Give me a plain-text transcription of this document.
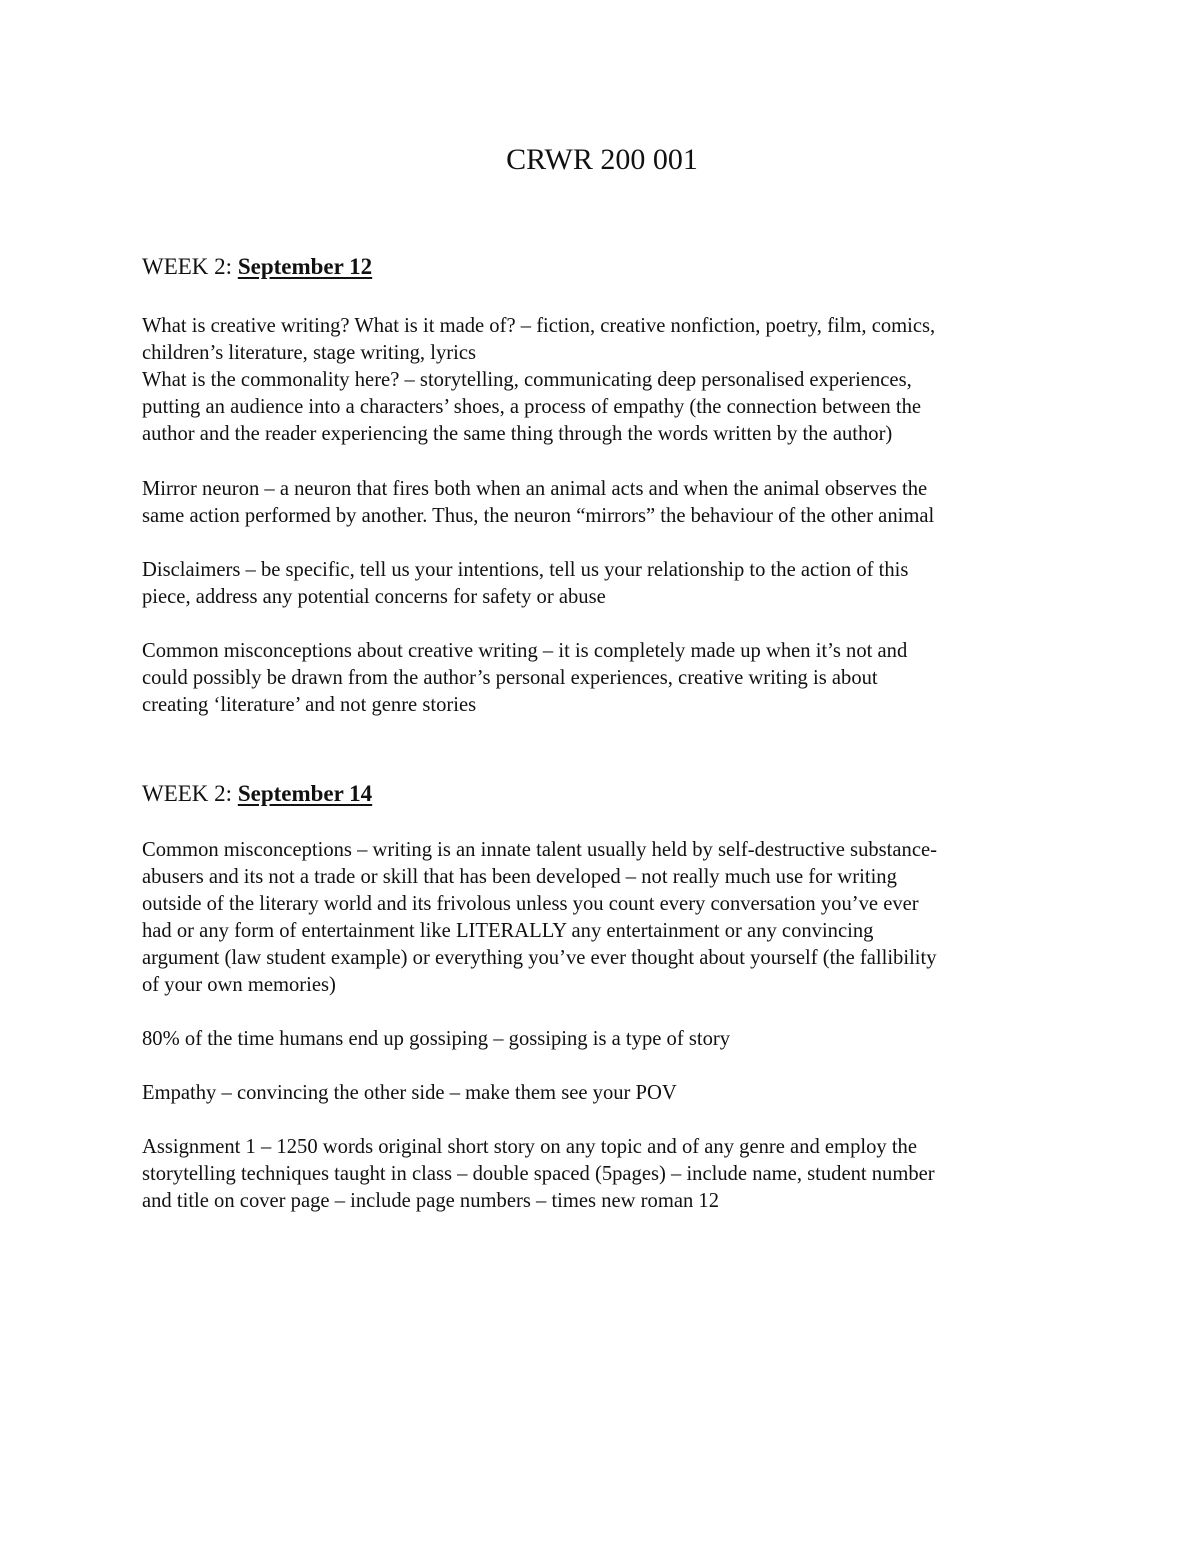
CRWR 200 001
WEEK 2: September 12
What is creative writing? What is it made of? – fiction, creative nonfiction, poetry, film, comics,
children’s literature, stage writing, lyrics
What is the commonality here? – storytelling, communicating deep personalised experiences,
putting an audience into a characters’ shoes, a process of empathy (the connection between the
author and the reader experiencing the same thing through the words written by the author)
Mirror neuron – a neuron that fires both when an animal acts and when the animal observes the
same action performed by another. Thus, the neuron “mirrors” the behaviour of the other animal
Disclaimers – be specific, tell us your intentions, tell us your relationship to the action of this
piece, address any potential concerns for safety or abuse
Common misconceptions about creative writing – it is completely made up when it’s not and
could possibly be drawn from the author’s personal experiences, creative writing is about
creating ‘literature’ and not genre stories
WEEK 2: September 14
Common misconceptions – writing is an innate talent usually held by self-destructive substance-
abusers and its not a trade or skill that has been developed – not really much use for writing
outside of the literary world and its frivolous unless you count every conversation you’ve ever
had or any form of entertainment like LITERALLY any entertainment or any convincing
argument (law student example) or everything you’ve ever thought about yourself (the fallibility
of your own memories)
80% of the time humans end up gossiping – gossiping is a type of story
Empathy – convincing the other side – make them see your POV
Assignment 1 – 1250 words original short story on any topic and of any genre and employ the
storytelling techniques taught in class – double spaced (5pages) – include name, student number
and title on cover page – include page numbers – times new roman 12
